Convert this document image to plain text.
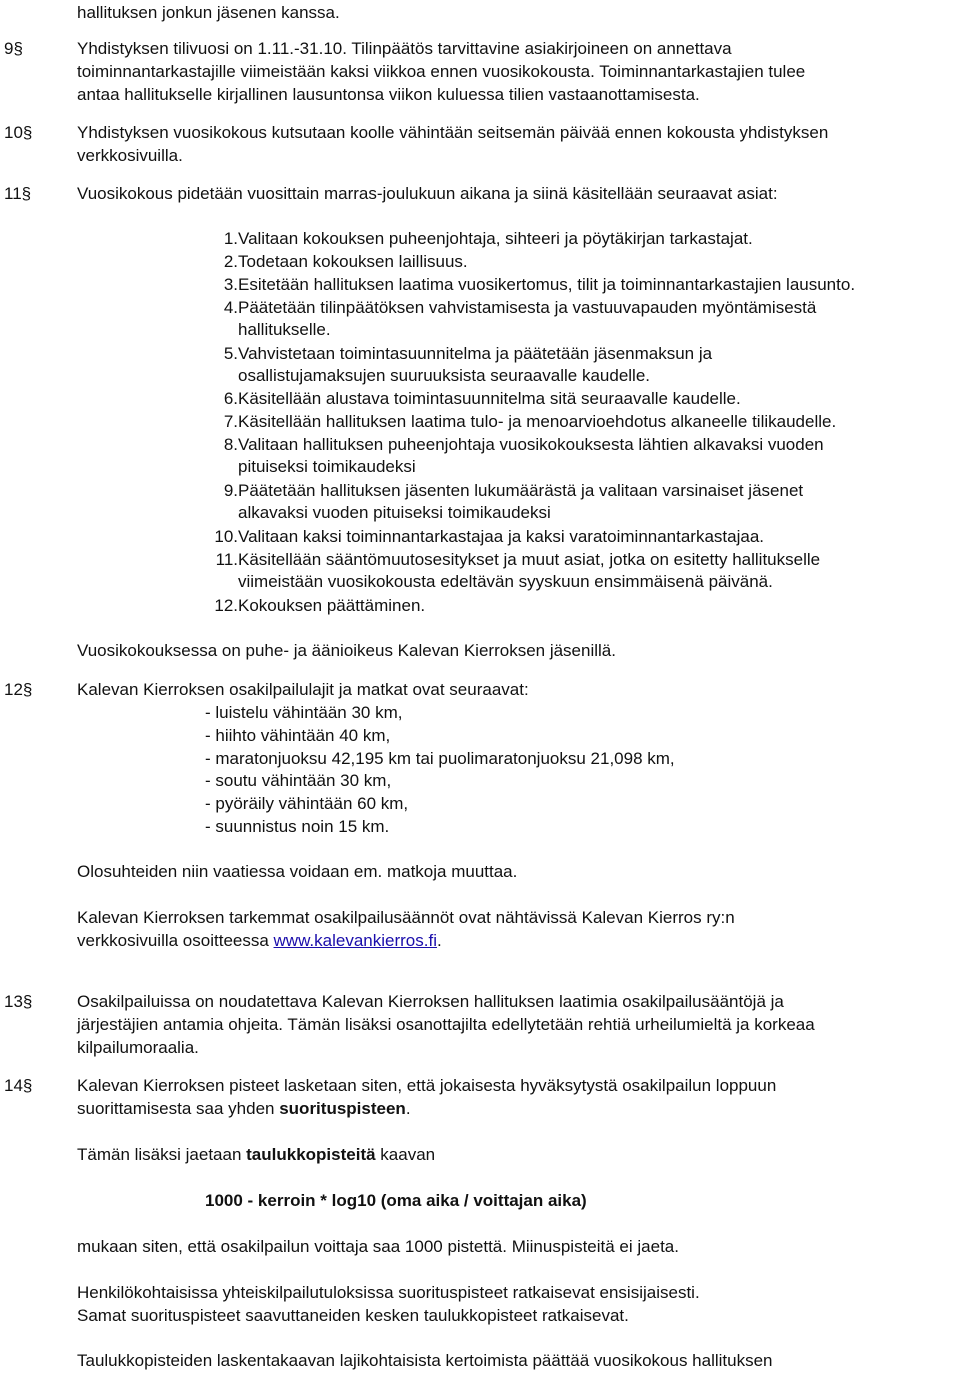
hallituksen jonkun jäsenen kanssa.
9§	Yhdistyksen tilivuosi on 1.11.-31.10. Tilinpäätös tarvittavine asiakirjoineen on annettava
toiminnantarkastajille viimeistään kaksi viikkoa ennen vuosikokousta. Toiminnantarkastajien tulee
antaa hallitukselle kirjallinen lausuntonsa viikon kuluessa tilien vastaanottamisesta.
10§	Yhdistyksen vuosikokous kutsutaan koolle vähintään seitsemän päivää ennen kokousta yhdistyksen
verkkosivuilla.
11§	Vuosikokous pidetään vuosittain marras-joulukuun aikana ja siinä käsitellään seuraavat asiat:
1.Valitaan kokouksen puheenjohtaja, sihteeri ja pöytäkirjan tarkastajat.
2.Todetaan kokouksen laillisuus.
3.Esitetään hallituksen laatima vuosikertomus, tilit ja toiminnantarkastajien lausunto.
4.Päätetään tilinpäätöksen vahvistamisesta ja vastuuvapauden myöntämisestä
hallitukselle.
5.Vahvistetaan toimintasuunnitelma ja päätetään jäsenmaksun ja
osallistujamaksujen suuruuksista seuraavalle kaudelle.
6.Käsitellään alustava toimintasuunnitelma sitä seuraavalle kaudelle.
7.Käsitellään hallituksen laatima tulo- ja menoarvioehdotus alkaneelle tilikaudelle.
8.Valitaan hallituksen puheenjohtaja vuosikokouksesta lähtien alkavaksi vuoden
pituiseksi toimikaudeksi
9.Päätetään hallituksen jäsenten lukumäärästä ja valitaan varsinaiset jäsenet
alkavaksi vuoden pituiseksi toimikaudeksi
10.Valitaan kaksi toiminnantarkastajaa ja kaksi varatoiminnantarkastajaa.
11.Käsitellään sääntömuutosesitykset ja muut asiat, jotka on esitetty hallitukselle
viimeistään vuosikokousta edeltävän syyskuun ensimmäisenä päivänä.
12.Kokouksen päättäminen.
Vuosikokouksessa on puhe- ja äänioikeus Kalevan Kierroksen jäsenillä.
12§	Kalevan Kierroksen osakilpailulajit ja matkat ovat seuraavat:
- luistelu vähintään 30 km,
- hiihto vähintään 40 km,
- maratonjuoksu 42,195 km tai puolimaratonjuoksu 21,098 km,
- soutu vähintään 30 km,
- pyöräily vähintään 60 km,
- suunnistus noin 15 km.
Olosuhteiden niin vaatiessa voidaan em. matkoja muuttaa.
Kalevan Kierroksen tarkemmat osakilpailusäännöt ovat nähtävissä Kalevan Kierros ry:n
verkkosivuilla osoitteessa www.kalevankierros.fi.
13§	Osakilpailuissa on noudatettava Kalevan Kierroksen hallituksen laatimia osakilpailusääntöjä ja
järjestäjien antamia ohjeita. Tämän lisäksi osanottajilta edellytetään rehtiä urheilumieltä ja korkeaa
kilpailumoraalia.
14§	Kalevan Kierroksen pisteet lasketaan siten, että jokaisesta hyväksytystä osakilpailun loppuun
suorittamisesta saa yhden suorituspisteen.
Tämän lisäksi jaetaan taulukkopisteitä kaavan
1000 - kerroin * log10 (oma aika / voittajan aika)
mukaan siten, että osakilpailun voittaja saa 1000 pistettä. Miinuspisteitä ei jaeta.
Henkilökohtaisissa yhteiskilpailutuloksissa suorituspisteet ratkaisevat ensisijaisesti.
Samat suorituspisteet saavuttaneiden kesken taulukkopisteet ratkaisevat.
Taulukkopisteiden laskentakaavan lajikohtaisista kertoimista päättää vuosikokous hallituksen
